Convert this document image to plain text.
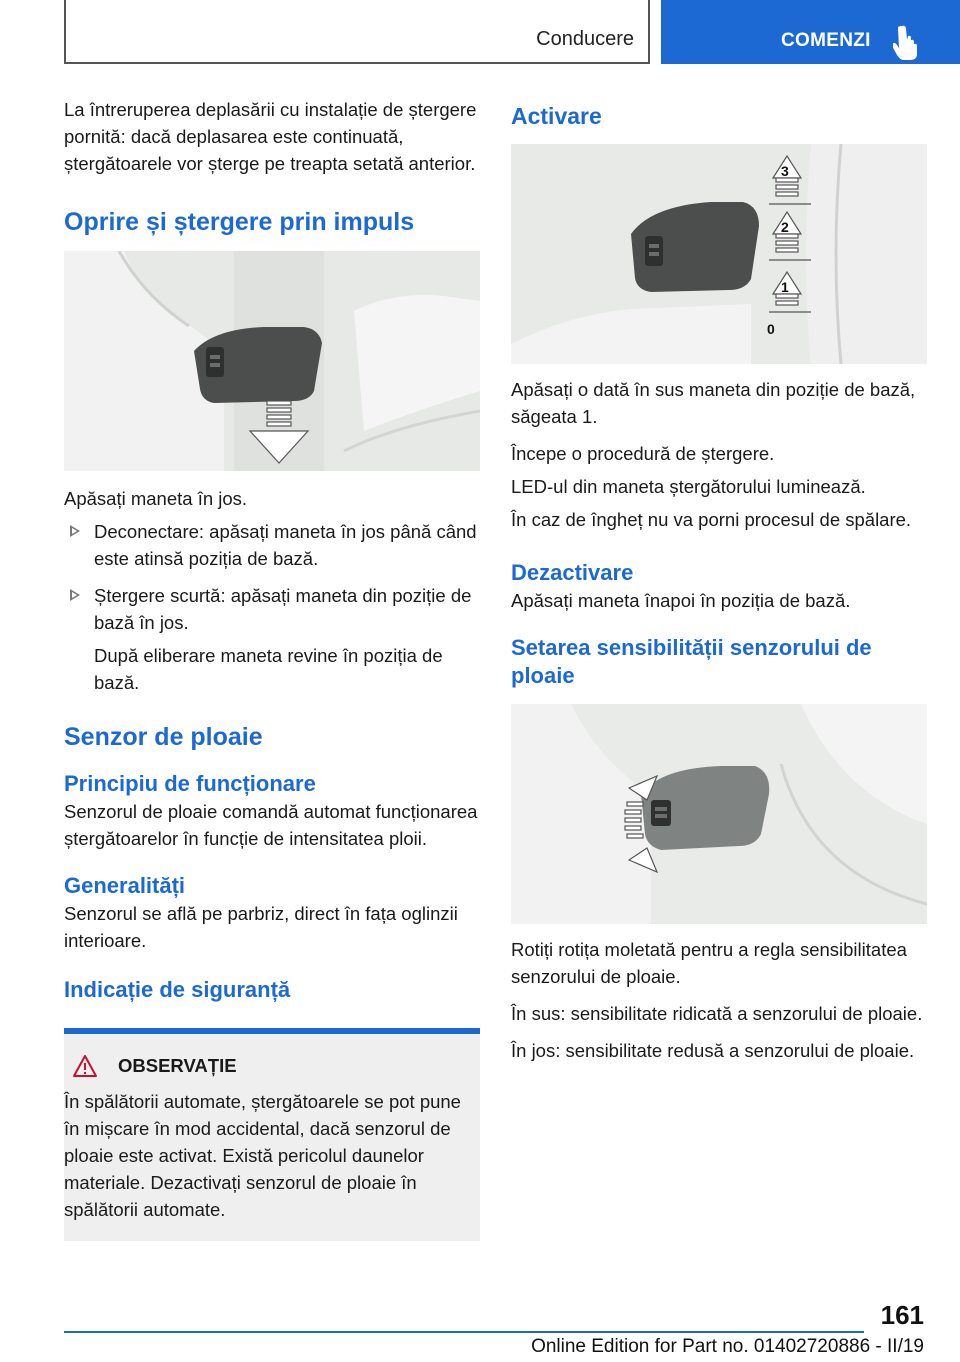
Conducere	COMENZI

La întreruperea deplasării cu instalație de ștergere pornită: dacă deplasarea este continuată, ștergătoarele vor șterge pe treapta setată anterior.

Oprire și ștergere prin impuls

Apăsați maneta în jos.

Deconectare: apăsați maneta în jos până când este atinsă poziția de bază.
Ștergere scurtă: apăsați maneta din poziție de bază în jos.

După eliberare maneta revine în poziția de bază.

Senzor de ploaie
Principiu de funcționare

Senzorul de ploaie comandă automat funcționarea ștergătoarelor în funcție de intensitatea ploii.

Generalități

Senzorul se află pe parbriz, direct în fața oglinzii interioare.

Indicație de siguranță
OBSERVAȚIE

În spălătorii automate, ștergătoarele se pot pune în mișcare în mod accidental, dacă senzorul de ploaie este activat. Există pericolul daunelor materiale. Dezactivați senzorul de ploaie în spălătorii automate.

Activare
3
2
1
0

Apăsați o dată în sus maneta din poziție de bază, săgeata 1.

Începe o procedură de ștergere.

LED-ul din maneta ștergătorului luminează.

În caz de îngheț nu va porni procesul de spălare.

Dezactivare

Apăsați maneta înapoi în poziția de bază.

Setarea sensibilității senzorului de ploaie

Rotiți rotița moletată pentru a regla sensibilitatea senzorului de ploaie.

În sus: sensibilitate ridicată a senzorului de ploaie.

În jos: sensibilitate redusă a senzorului de ploaie.

161
Online Edition for Part no. 01402720886 - II/19
